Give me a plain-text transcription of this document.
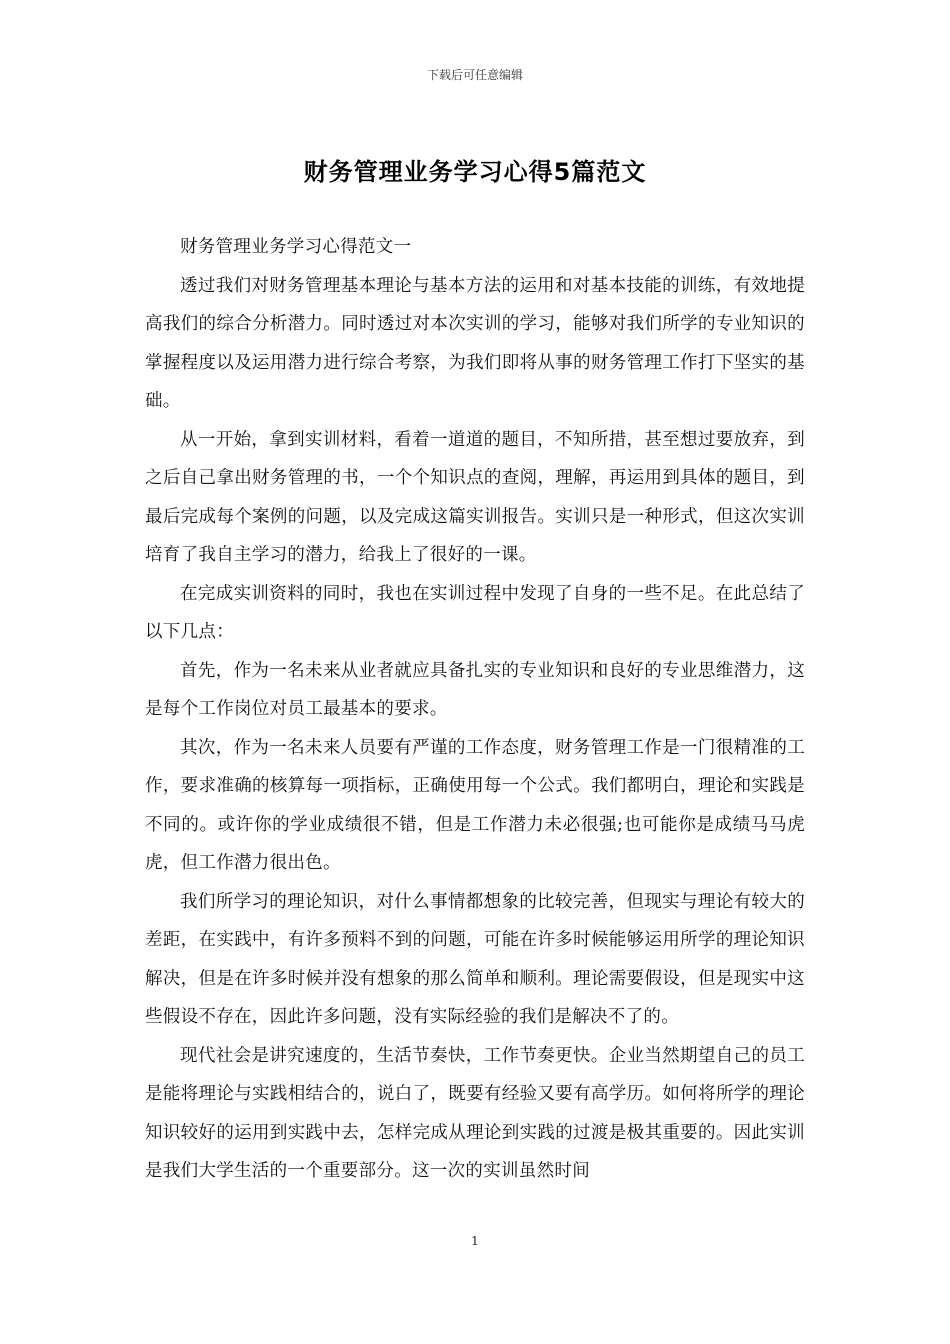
下载后可任意编辑
财务管理业务学习心得5篇范文

财务管理业务学习心得范文一

透过我们对财务管理基本理论与基本方法的运用和对基本技能的训练，有效地提高我们的综合分析潜力。同时透过对本次实训的学习，能够对我们所学的专业知识的掌握程度以及运用潜力进行综合考察，为我们即将从事的财务管理工作打下坚实的基础。

从一开始，拿到实训材料，看着一道道的题目，不知所措，甚至想过要放弃，到之后自己拿出财务管理的书，一个个知识点的查阅，理解，再运用到具体的题目，到最后完成每个案例的问题，以及完成这篇实训报告。实训只是一种形式，但这次实训培育了我自主学习的潜力，给我上了很好的一课。

在完成实训资料的同时，我也在实训过程中发现了自身的一些不足。在此总结了以下几点：

首先，作为一名未来从业者就应具备扎实的专业知识和良好的专业思维潜力，这是每个工作岗位对员工最基本的要求。

其次，作为一名未来人员要有严谨的工作态度，财务管理工作是一门很精准的工作，要求准确的核算每一项指标，正确使用每一个公式。我们都明白，理论和实践是不同的。或许你的学业成绩很不错，但是工作潜力未必很强;也可能你是成绩马马虎虎，但工作潜力很出色。

我们所学习的理论知识，对什么事情都想象的比较完善，但现实与理论有较大的差距，在实践中，有许多预料不到的问题，可能在许多时候能够运用所学的理论知识解决，但是在许多时候并没有想象的那么简单和顺利。理论需要假设，但是现实中这些假设不存在，因此许多问题，没有实际经验的我们是解决不了的。

现代社会是讲究速度的，生活节奏快，工作节奏更快。企业当然期望自己的员工是能将理论与实践相结合的，说白了，既要有经验又要有高学历。如何将所学的理论知识较好的运用到实践中去，怎样完成从理论到实践的过渡是极其重要的。因此实训是我们大学生活的一个重要部分。这一次的实训虽然时间

1
